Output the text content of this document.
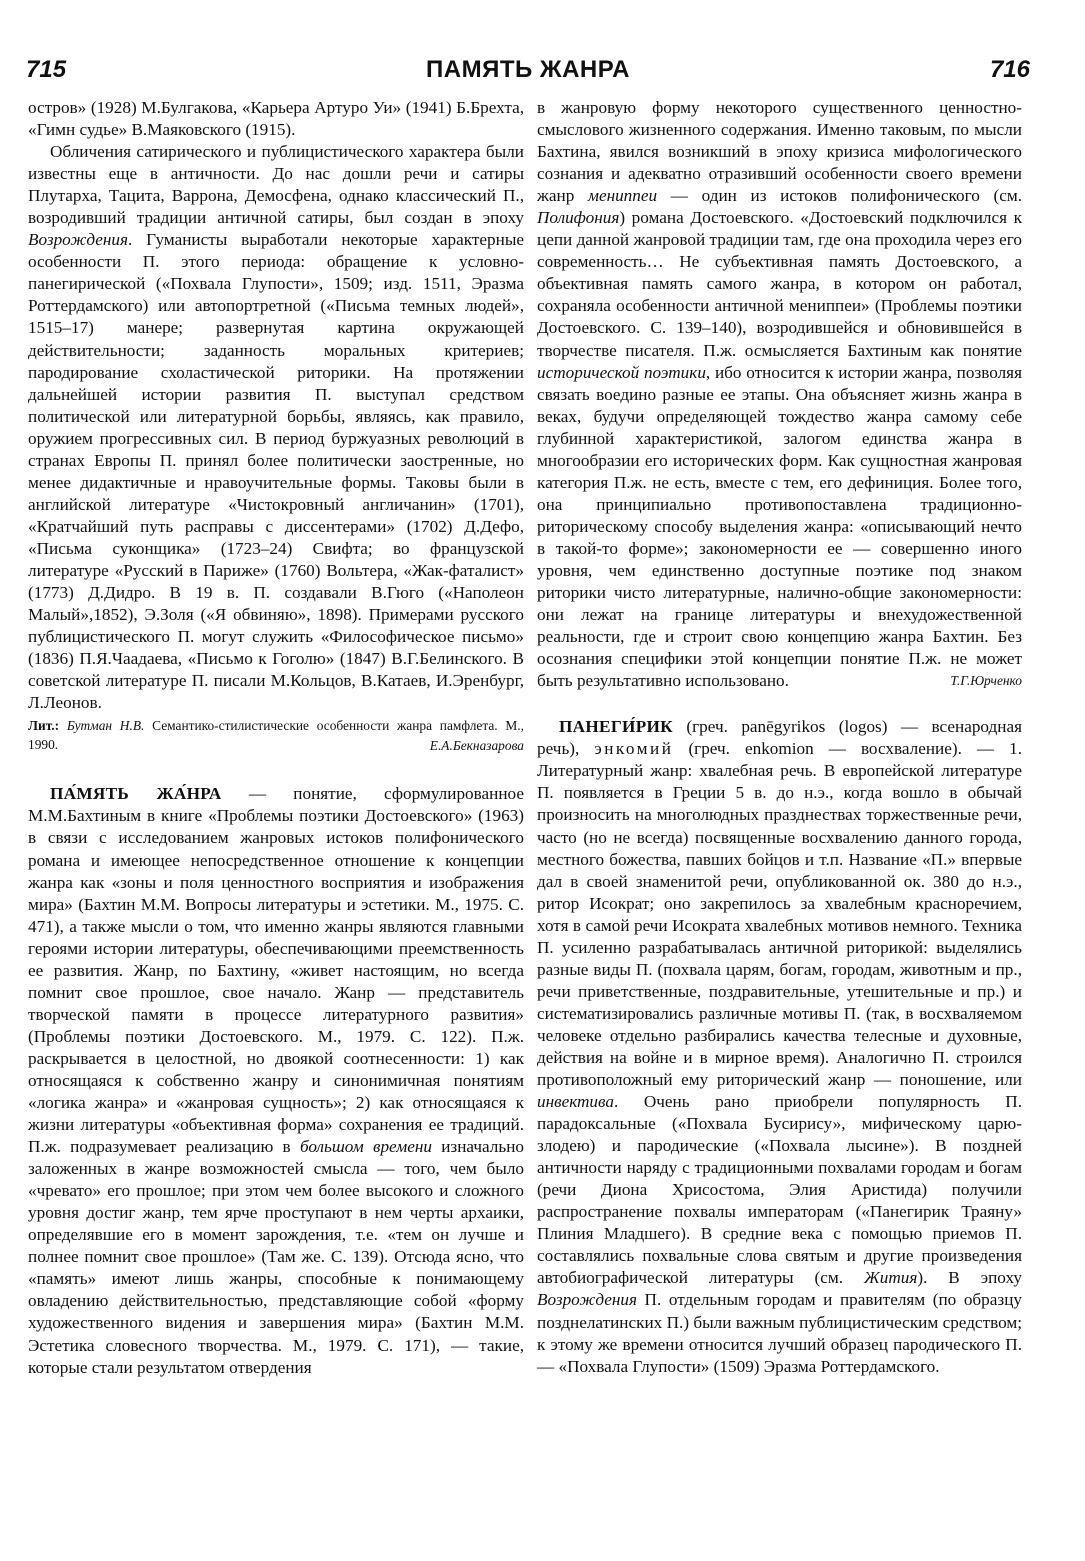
715	ПАМЯТЬ ЖАНРА	716

остров» (1928) М.Булгакова, «Карьера Артуро Уи» (1941) Б.Брехта, «Гимн судье» В.Маяковского (1915).

Обличения сатирического и публицистического характера были известны еще в античности. До нас дошли речи и сатиры Плутарха, Тацита, Варрона, Демосфена, однако классический П., возродивший традиции античной сатиры, был создан в эпоху Возрождения. Гуманисты выработали некоторые характерные особенности П. этого периода: обращение к условно-панегирической («Похвала Глупости», 1509; изд. 1511, Эразма Роттердамского) или автопортретной («Письма темных людей», 1515–17) манере; развернутая картина окружающей действительности; заданность моральных критериев; пародирование схоластической риторики. На протяжении дальнейшей истории развития П. выступал средством политической или литературной борьбы, являясь, как правило, оружием прогрессивных сил. В период буржуазных революций в странах Европы П. принял более политически заостренные, но менее дидактичные и нравоучительные формы. Таковы были в английской литературе «Чистокровный англичанин» (1701), «Кратчайший путь расправы с диссентерами» (1702) Д.Дефо, «Письма суконщика» (1723–24) Свифта; во французской литературе «Русский в Париже» (1760) Вольтера, «Жак-фаталист» (1773) Д.Дидро. В 19 в. П. создавали В.Гюго («Наполеон Малый»,1852), Э.Золя («Я обвиняю», 1898). Примерами русского публицистического П. могут служить «Философическое письмо» (1836) П.Я.Чаадаева, «Письмо к Гоголю» (1847) В.Г.Белинского. В советской литературе П. писали М.Кольцов, В.Катаев, И.Эренбург, Л.Леонов.

Лит.: Бутман Н.В. Семантико-стилистические особенности жанра памфлета. М., 1990.	Е.А.Бекназарова

ПА́МЯТЬ ЖА́НРА — понятие, сформулированное М.М.Бахтиным в книге «Проблемы поэтики Достоевского» (1963) в связи с исследованием жанровых истоков полифонического романа и имеющее непосредственное отношение к концепции жанра как «зоны и поля ценностного восприятия и изображения мира» (Бахтин М.М. Вопросы литературы и эстетики. М., 1975. С. 471), а также мысли о том, что именно жанры являются главными героями истории литературы, обеспечивающими преемственность ее развития. Жанр, по Бахтину, «живет настоящим, но всегда помнит свое прошлое, свое начало. Жанр — представитель творческой памяти в процессе литературного развития» (Проблемы поэтики Достоевского. М., 1979. С. 122). П.ж. раскрывается в целостной, но двоякой соотнесенности: 1) как относящаяся к собственно жанру и синонимичная понятиям «логика жанра» и «жанровая сущность»; 2) как относящаяся к жизни литературы «объективная форма» сохранения ее традиций. П.ж. подразумевает реализацию в большом времени изначально заложенных в жанре возможностей смысла — того, чем было «чревато» его прошлое; при этом чем более высокого и сложного уровня достиг жанр, тем ярче проступают в нем черты архаики, определявшие его в момент зарождения, т.е. «тем он лучше и полнее помнит свое прошлое» (Там же. С. 139). Отсюда ясно, что «память» имеют лишь жанры, способные к понимающему овладению действительностью, представляющие собой «форму художественного видения и завершения мира» (Бахтин М.М. Эстетика словесного творчества. М., 1979. С. 171), — такие, которые стали результатом отвердения

в жанровую форму некоторого существенного ценностно-смыслового жизненного содержания. Именно таковым, по мысли Бахтина, явился возникший в эпоху кризиса мифологического сознания и адекватно отразивший особенности своего времени жанр мениппеи — один из истоков полифонического (см. Полифония) романа Достоевского. «Достоевский подключился к цепи данной жанровой традиции там, где она проходила через его современность… Не субъективная память Достоевского, а объективная память самого жанра, в котором он работал, сохраняла особенности античной мениппеи» (Проблемы поэтики Достоевского. С. 139–140), возродившейся и обновившейся в творчестве писателя. П.ж. осмысляется Бахтиным как понятие исторической поэтики, ибо относится к истории жанра, позволяя связать воедино разные ее этапы. Она объясняет жизнь жанра в веках, будучи определяющей тождество жанра самому себе глубинной характеристикой, залогом единства жанра в многообразии его исторических форм. Как сущностная жанровая категория П.ж. не есть, вместе с тем, его дефиниция. Более того, она принципиально противопоставлена традиционно-риторическому способу выделения жанра: «описывающий нечто в такой-то форме»; закономерности ее — совершенно иного уровня, чем единственно доступные поэтике под знаком риторики чисто литературные, налично-общие закономерности: они лежат на границе литературы и внехудожественной реальности, где и строит свою концепцию жанра Бахтин. Без осознания специфики этой концепции понятие П.ж. не может быть результативно использовано.	Т.Г.Юрченко

ПАНЕГИ́РИК (греч. panēgyrikos (logos) — всенародная речь), энкомий (греч. enkomion — восхваление). — 1. Литературный жанр: хвалебная речь. В европейской литературе П. появляется в Греции 5 в. до н.э., когда вошло в обычай произносить на многолюдных празднествах торжественные речи, часто (но не всегда) посвященные восхвалению данного города, местного божества, павших бойцов и т.п. Название «П.» впервые дал в своей знаменитой речи, опубликованной ок. 380 до н.э., ритор Исократ; оно закрепилось за хвалебным красноречием, хотя в самой речи Исократа хвалебных мотивов немного. Техника П. усиленно разрабатывалась античной риторикой: выделялись разные виды П. (похвала царям, богам, городам, животным и пр., речи приветственные, поздравительные, утешительные и пр.) и систематизировались различные мотивы П. (так, в восхваляемом человеке отдельно разбирались качества телесные и духовные, действия на войне и в мирное время). Аналогично П. строился противоположный ему риторический жанр — поношение, или инвектива. Очень рано приобрели популярность П. парадоксальные («Похвала Бусирису», мифическому царю-злодею) и пародические («Похвала лысине»). В поздней античности наряду с традиционными похвалами городам и богам (речи Диона Хрисостома, Элия Аристида) получили распространение похвалы императорам («Панегирик Траяну» Плиния Младшего). В средние века с помощью приемов П. составлялись похвальные слова святым и другие произведения автобиографической литературы (см. Жития). В эпоху Возрождения П. отдельным городам и правителям (по образцу позднелатинских П.) были важным публицистическим средством; к этому же времени относится лучший образец пародического П. — «Похвала Глупости» (1509) Эразма Роттердамского.
